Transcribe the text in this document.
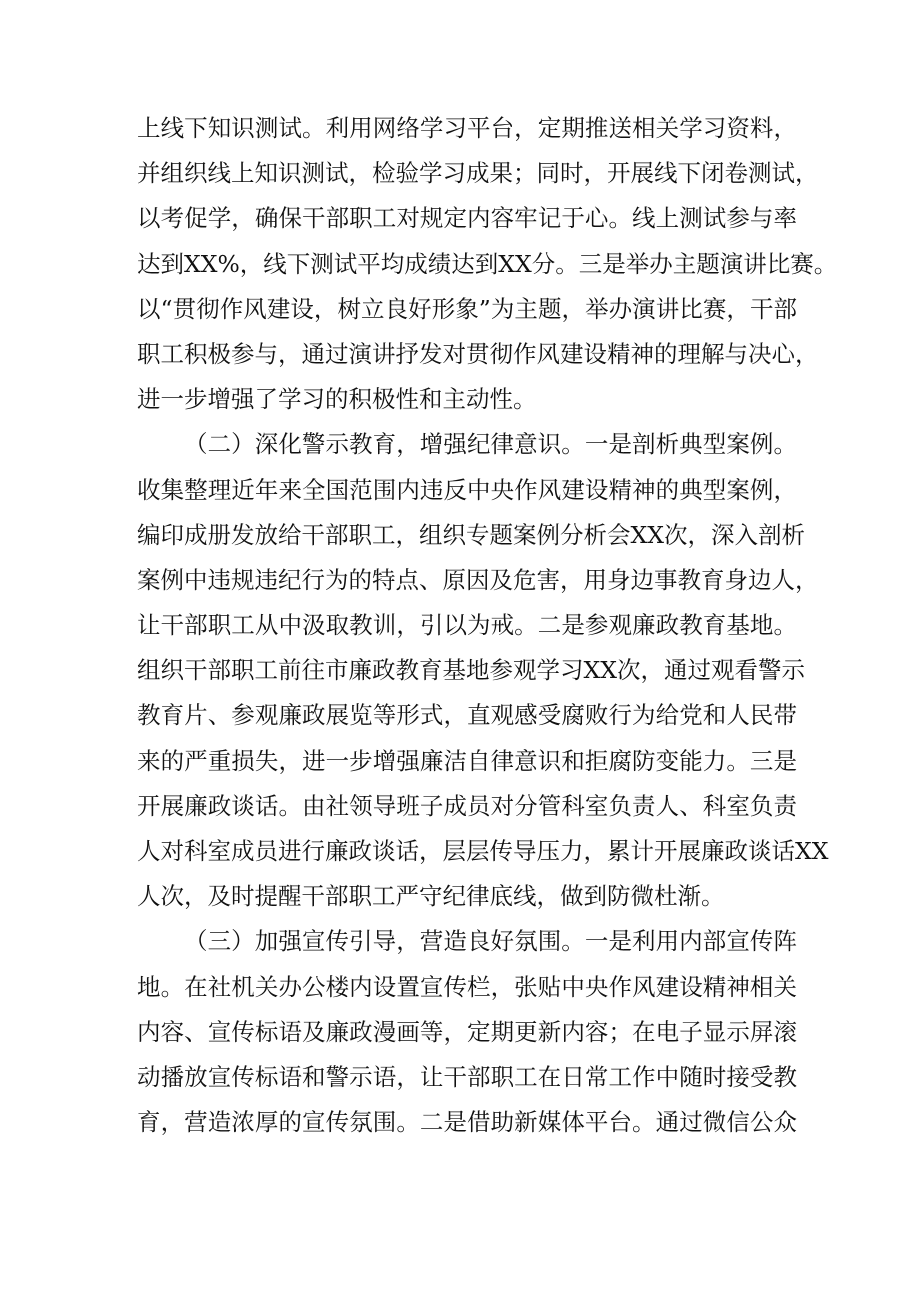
上线下知识测试。利用网络学习平台，定期推送相关学习资料，
并组织线上知识测试，检验学习成果；同时，开展线下闭卷测试，
以考促学，确保干部职工对规定内容牢记于心。线上测试参与率
达到XX%，线下测试平均成绩达到XX分。三是举办主题演讲比赛。
以“贯彻作风建设，树立良好形象”为主题，举办演讲比赛，干部
职工积极参与，通过演讲抒发对贯彻作风建设精神的理解与决心，
进一步增强了学习的积极性和主动性。
（二）深化警示教育，增强纪律意识。一是剖析典型案例。
收集整理近年来全国范围内违反中央作风建设精神的典型案例，
编印成册发放给干部职工，组织专题案例分析会XX次，深入剖析
案例中违规违纪行为的特点、原因及危害，用身边事教育身边人，
让干部职工从中汲取教训，引以为戒。二是参观廉政教育基地。
组织干部职工前往市廉政教育基地参观学习XX次，通过观看警示
教育片、参观廉政展览等形式，直观感受腐败行为给党和人民带
来的严重损失，进一步增强廉洁自律意识和拒腐防变能力。三是
开展廉政谈话。由社领导班子成员对分管科室负责人、科室负责
人对科室成员进行廉政谈话，层层传导压力，累计开展廉政谈话XX
人次，及时提醒干部职工严守纪律底线，做到防微杜渐。
（三）加强宣传引导，营造良好氛围。一是利用内部宣传阵
地。在社机关办公楼内设置宣传栏，张贴中央作风建设精神相关
内容、宣传标语及廉政漫画等，定期更新内容；在电子显示屏滚
动播放宣传标语和警示语，让干部职工在日常工作中随时接受教
育，营造浓厚的宣传氛围。二是借助新媒体平台。通过微信公众
